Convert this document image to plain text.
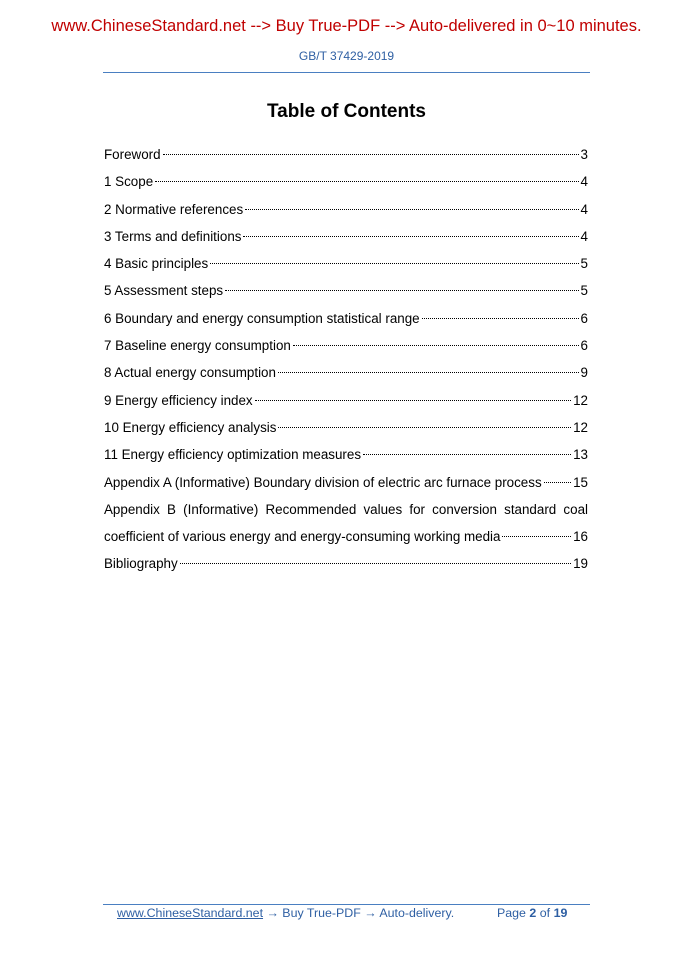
www.ChineseStandard.net --> Buy True-PDF --> Auto-delivered in 0~10 minutes.
GB/T 37429-2019
Table of Contents
Foreword	3
1 Scope	4
2 Normative references	4
3 Terms and definitions	4
4 Basic principles	5
5 Assessment steps	5
6 Boundary and energy consumption statistical range	6
7 Baseline energy consumption	6
8 Actual energy consumption	9
9 Energy efficiency index	12
10 Energy efficiency analysis	12
11 Energy efficiency optimization measures	13
Appendix A (Informative) Boundary division of electric arc furnace process 15
Appendix B (Informative) Recommended values for conversion standard coal
coefficient of various energy and energy-consuming working media	16
Bibliography	19
www.ChineseStandard.net → Buy True-PDF → Auto-delivery.	Page 2 of 19
